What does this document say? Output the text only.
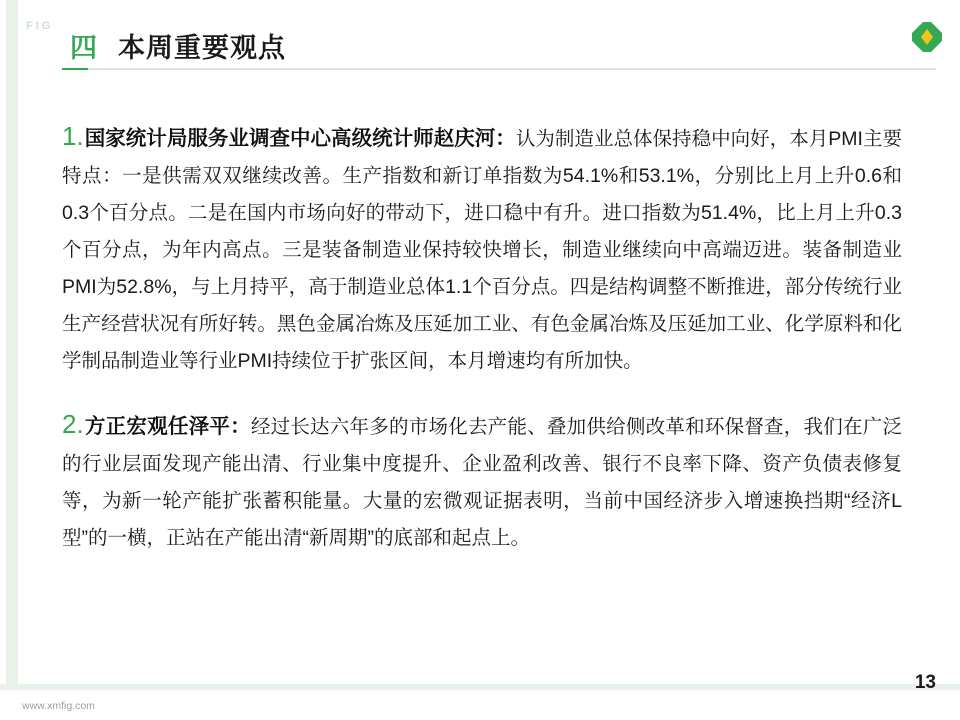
FIG
四 本周重要观点
1.国家统计局服务业调查中心高级统计师赵庆河：认为制造业总体保持稳中向好，本月PMI主要特点：一是供需双双继续改善。生产指数和新订单指数为54.1%和53.1%，分别比上月上升0.6和0.3个百分点。二是在国内市场向好的带动下，进口稳中有升。进口指数为51.4%，比上月上升0.3个百分点，为年内高点。三是装备制造业保持较快增长，制造业继续向中高端迈进。装备制造业PMI为52.8%，与上月持平，高于制造业总体1.1个百分点。四是结构调整不断推进，部分传统行业生产经营状况有所好转。黑色金属冶炼及压延加工业、有色金属冶炼及压延加工业、化学原料和化学制品制造业等行业PMI持续位于扩张区间，本月增速均有所加快。
2.方正宏观任泽平：经过长达六年多的市场化去产能、叠加供给侧改革和环保督查，我们在广泛的行业层面发现产能出清、行业集中度提升、企业盈利改善、银行不良率下降、资产负债表修复等，为新一轮产能扩张蓄积能量。大量的宏微观证据表明，当前中国经济步入增速换挡期“经济L型”的一横，正站在产能出清“新周期”的底部和起点上。
www.xmfig.com
13
